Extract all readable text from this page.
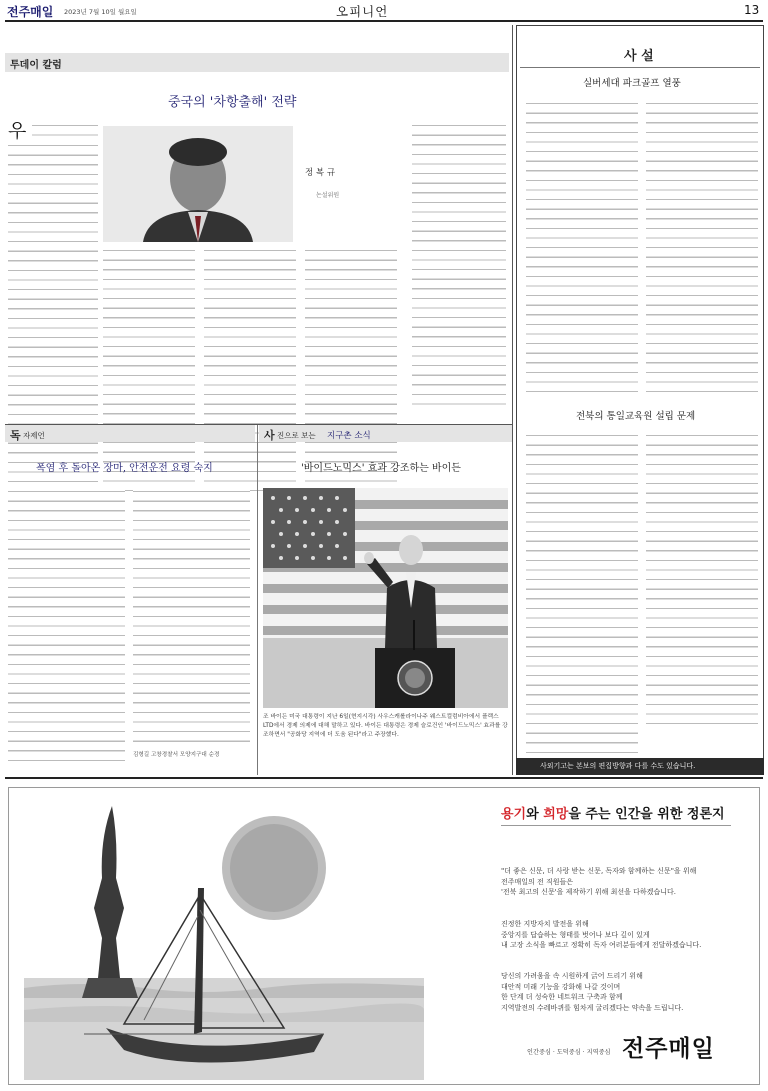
전주매일 2023년 7월 10일 월요일	오피니언	13
투데이 칼럼
중국의 '차항출해' 전략
우
정 복 규
논설위원
사 설
실버세대 파크골프 열풍
전북의 통일교육원 설립 문제
사외기고는 본보의 편집방향과 다를 수도 있습니다.
독 자제언
폭염 후 돌아온 장마, 안전운전 요령 숙지
김형길 고창경찰서 모양지구대 순경
사 진으로 보는 지구촌 소식
'바이드노믹스' 효과 강조하는 바이든
조 바이든 미국 대통령이 지난 6일(현지시각) 사우스캐롤라이나주 웨스트컬럼비아에서 플랙스 LTD에서 경제 의제에 대해 말하고 있다. 바이든 대통령은 경제 슬로건인 '바이드노믹스' 효과를 강조하면서 "공화당 지역에 더 도움 된다"라고 주장했다.
용기와 희망을 주는 인간을 위한 정론지
"더 좋은 신문, 더 사랑 받는 신문, 독자와 함께하는 신문"을 위해
전주매일의 전 직원들은
'전북 최고의 신문'을 제작하기 위해 최선을 다하겠습니다.
진정한 지방자치 발전을 위해
중앙지를 답습하는 형태를 벗어나 보다 깊이 있게
내 고장 소식을 빠르고 정확히 독자 여러분들에게 전달하겠습니다.
당신의 가려움을 속 시원하게 긁어 드리기 위해
대안적 미래 기능을 강화해 나갈 것이며
한 단계 더 성숙한 네트워크 구축과 함께
지역발전의 수레바퀴를 힘차게 굴리겠다는 약속을 드립니다.
인간중심 · 도덕중심 · 지역중심 전주매일
